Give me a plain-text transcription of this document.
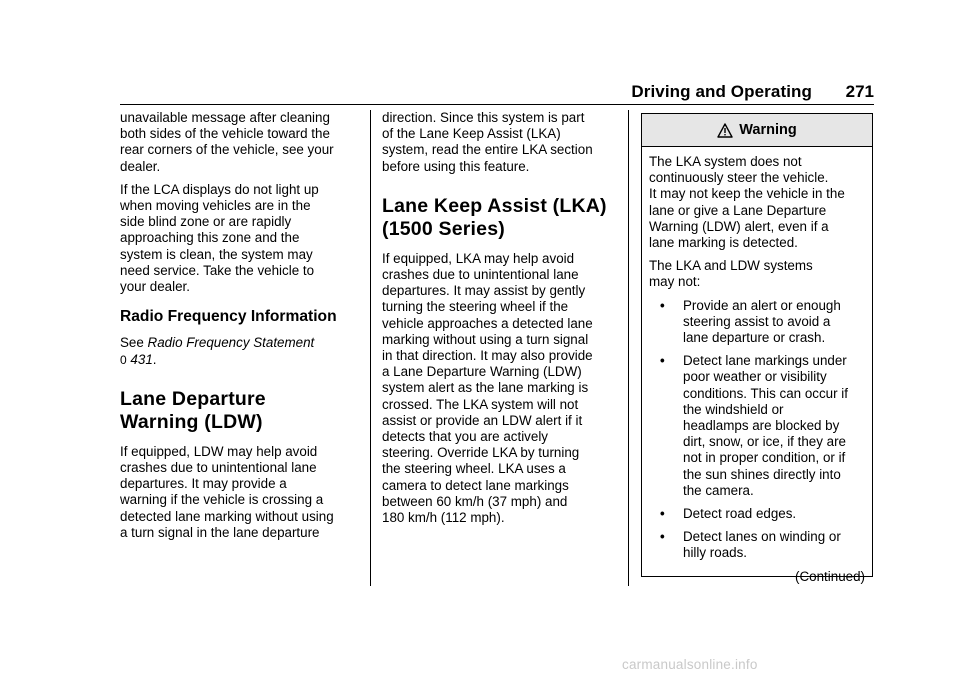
Driving and Operating 271

unavailable message after cleaning
both sides of the vehicle toward the
rear corners of the vehicle, see your
dealer.

If the LCA displays do not light up
when moving vehicles are in the
side blind zone or are rapidly
approaching this zone and the
system is clean, the system may
need service. Take the vehicle to
your dealer.

Radio Frequency Information
See Radio Frequency Statement
0 431.
Lane Departure
Warning (LDW)

If equipped, LDW may help avoid
crashes due to unintentional lane
departures. It may provide a
warning if the vehicle is crossing a
detected lane marking without using
a turn signal in the lane departure

direction. Since this system is part
of the Lane Keep Assist (LKA)
system, read the entire LKA section
before using this feature.

Lane Keep Assist (LKA)
(1500 Series)

If equipped, LKA may help avoid
crashes due to unintentional lane
departures. It may assist by gently
turning the steering wheel if the
vehicle approaches a detected lane
marking without using a turn signal
in that direction. It may also provide
a Lane Departure Warning (LDW)
system alert as the lane marking is
crossed. The LKA system will not
assist or provide an LDW alert if it
detects that you are actively
steering. Override LKA by turning
the steering wheel. LKA uses a
camera to detect lane markings
between 60 km/h (37 mph) and
180 km/h (112 mph).

Warning

The LKA system does not
continuously steer the vehicle.
It may not keep the vehicle in the
lane or give a Lane Departure
Warning (LDW) alert, even if a
lane marking is detected.

The LKA and LDW systems
may not:

• Provide an alert or enough
steering assist to avoid a
lane departure or crash.
• Detect lane markings under
poor weather or visibility
conditions. This can occur if
the windshield or
headlamps are blocked by
dirt, snow, or ice, if they are
not in proper condition, or if
the sun shines directly into
the camera.
• Detect road edges.
• Detect lanes on winding or
hilly roads.
(Continued)
carmanualsonline.info
